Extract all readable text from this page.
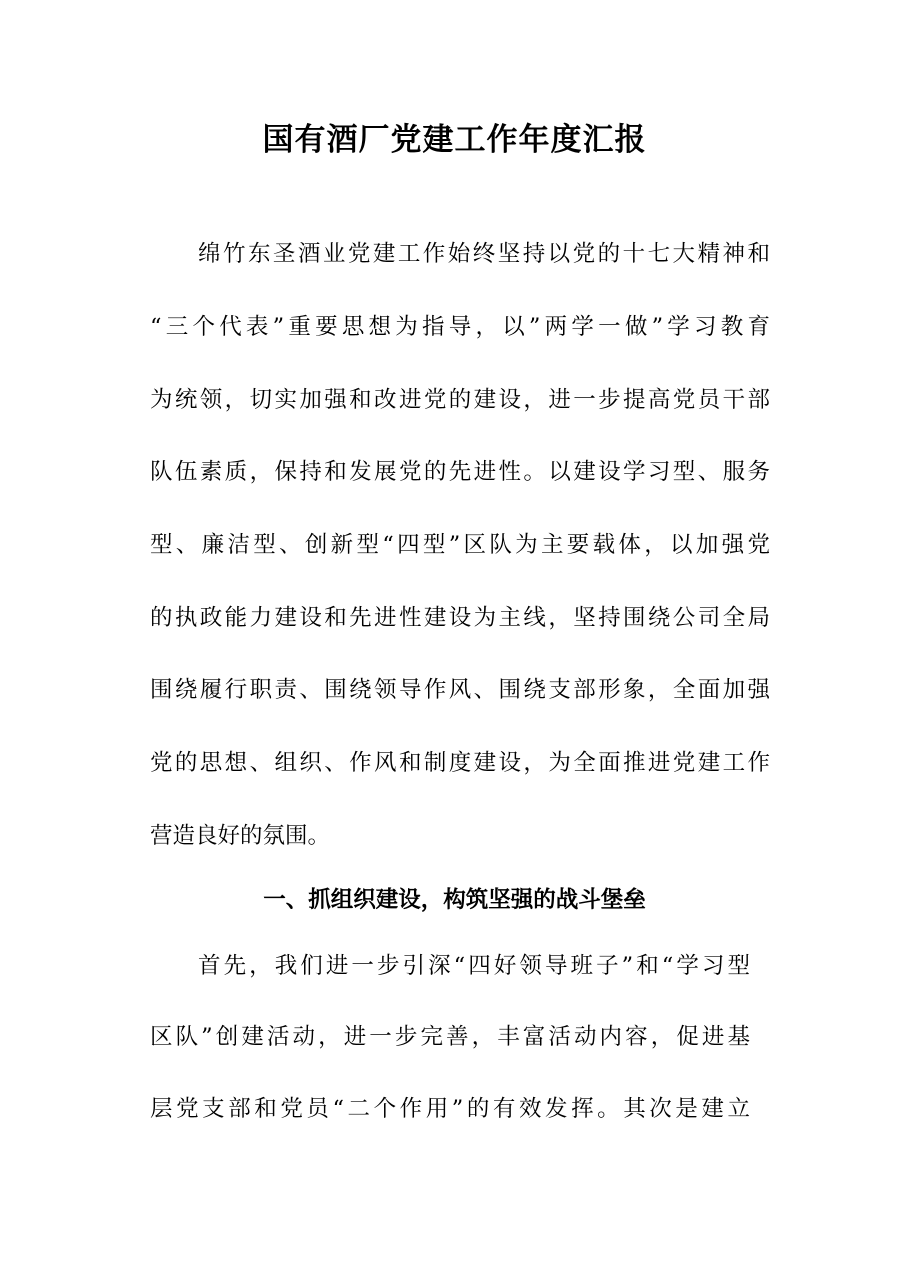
国有酒厂党建工作年度汇报
绵竹东圣酒业党建工作始终坚持以党的十七大精神和
“三个代表”重要思想为指导，以”两学一做”学习教育
为统领，切实加强和改进党的建设，进一步提高党员干部
队伍素质，保持和发展党的先进性。以建设学习型、服务
型、廉洁型、创新型“四型”区队为主要载体，以加强党
的执政能力建设和先进性建设为主线，坚持围绕公司全局
围绕履行职责、围绕领导作风、围绕支部形象，全面加强
党的思想、组织、作风和制度建设，为全面推进党建工作
营造良好的氛围。
一、抓组织建设，构筑坚强的战斗堡垒
首先，我们进一步引深“四好领导班子”和“学习型
区队”创建活动，进一步完善，丰富活动内容，促进基
层党支部和党员“二个作用”的有效发挥。其次是建立
